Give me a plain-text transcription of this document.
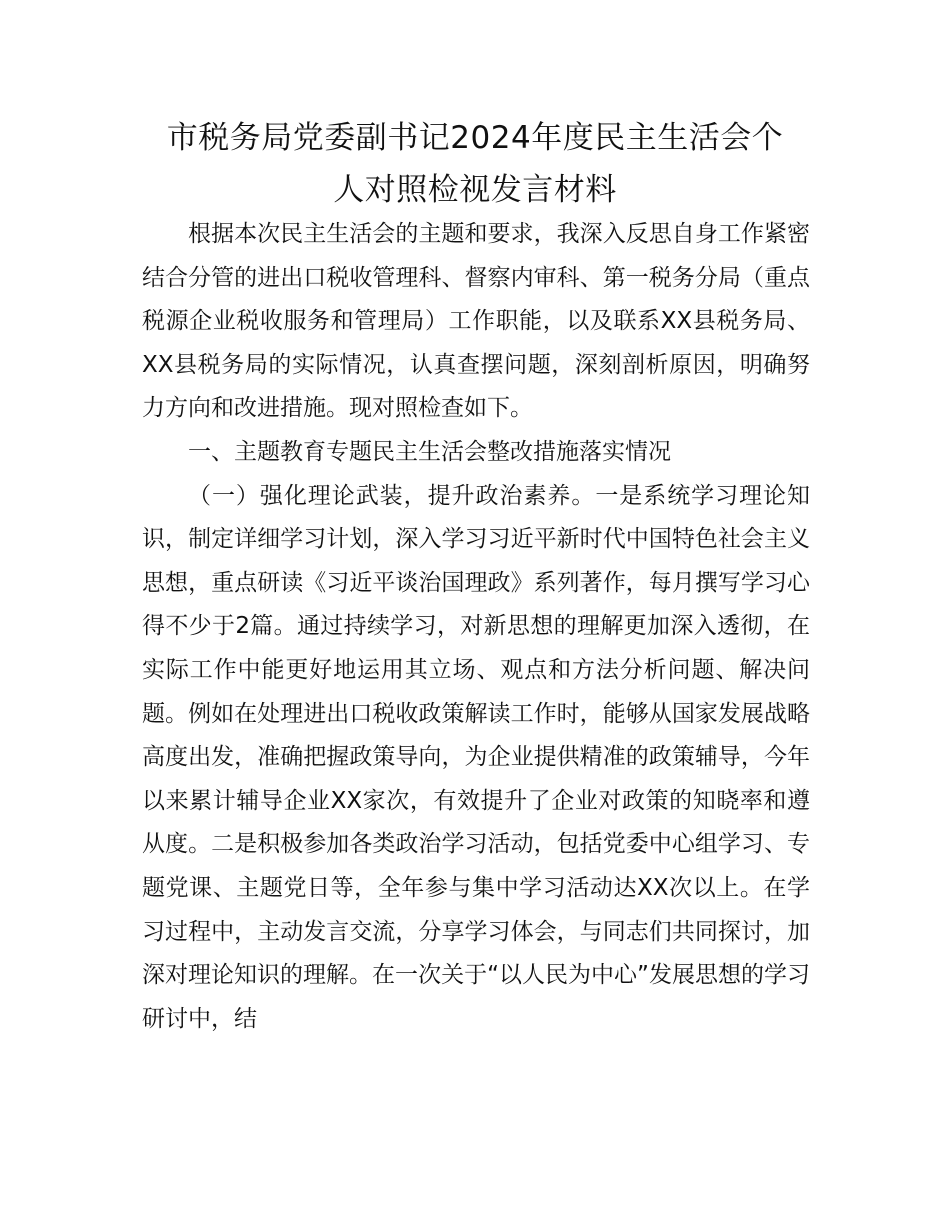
市税务局党委副书记2024年度民主生活会个
人对照检视发言材料

根据本次民主生活会的主题和要求，我深入反思自身工作紧密结合分管的进出口税收管理科、督察内审科、第一税务分局（重点税源企业税收服务和管理局）工作职能，以及联系XX县税务局、XX县税务局的实际情况，认真查摆问题，深刻剖析原因，明确努力方向和改进措施。现对照检查如下。

一、主题教育专题民主生活会整改措施落实情况

（一）强化理论武装，提升政治素养。一是系统学习理论知识，制定详细学习计划，深入学习习近平新时代中国特色社会主义思想，重点研读《习近平谈治国理政》系列著作，每月撰写学习心得不少于2篇。通过持续学习，对新思想的理解更加深入透彻，在实际工作中能更好地运用其立场、观点和方法分析问题、解决问题。例如在处理进出口税收政策解读工作时，能够从国家发展战略高度出发，准确把握政策导向，为企业提供精准的政策辅导，今年以来累计辅导企业XX家次，有效提升了企业对政策的知晓率和遵从度。二是积极参加各类政治学习活动，包括党委中心组学习、专题党课、主题党日等，全年参与集中学习活动达XX次以上。在学习过程中，主动发言交流，分享学习体会，与同志们共同探讨，加深对理论知识的理解。在一次关于“以人民为中心”发展思想的学习研讨中，结
